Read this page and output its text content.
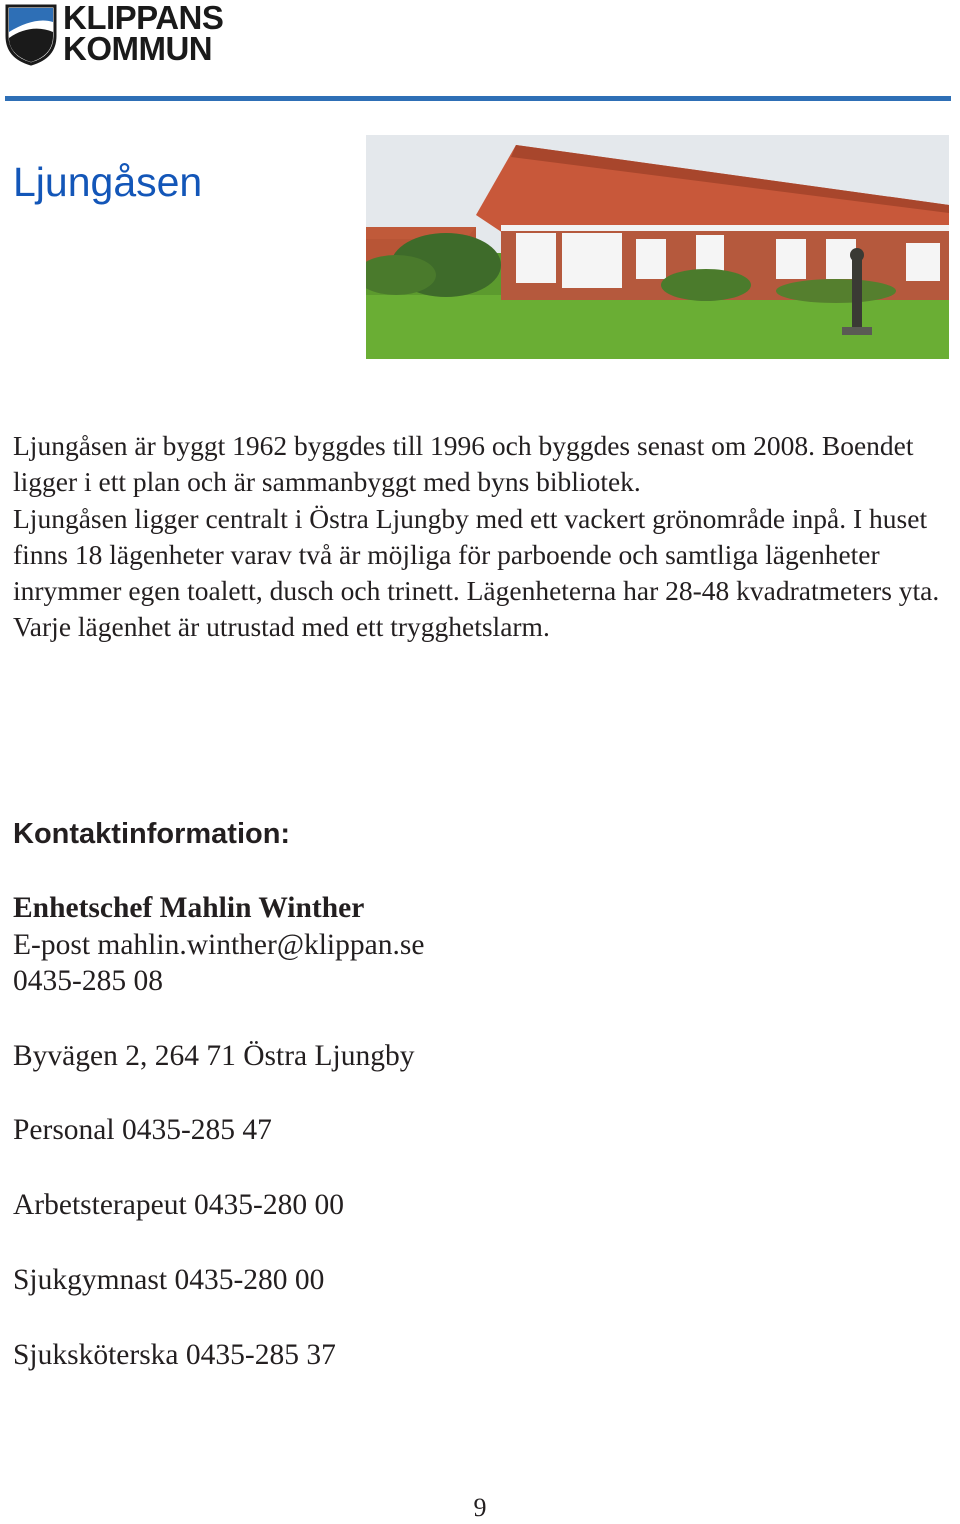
KLIPPANS
KOMMUN
Ljungåsen

Ljungåsen är byggt 1962 byggdes till 1996 och byggdes senast om 2008. Boendet ligger i ett plan och är sammanbyggt med byns bibliotek.

Ljungåsen ligger centralt i Östra Ljungby med ett vackert grönområde inpå. I huset finns 18 lägenheter varav två är möjliga för parboende och samtliga lägenheter inrymmer egen toalett, dusch och trinett. Lägenheterna har 28-48 kvadratmeters yta. Varje lägenhet är utrustad med ett trygghetslarm.

Kontaktinformation:
Enhetschef Mahlin Winther
E-post mahlin.winther@klippan.se
0435-285 08
Byvägen 2, 264 71 Östra Ljungby
Personal 0435-285 47
Arbetsterapeut 0435-280 00
Sjukgymnast 0435-280 00
Sjuksköterska 0435-285 37
9
